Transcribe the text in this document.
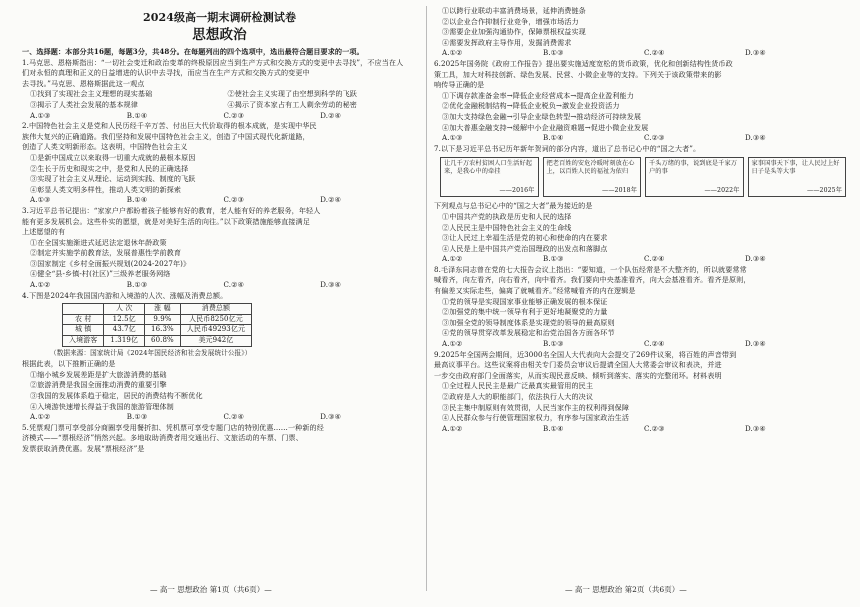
2024级高一期末调研检测试卷
思想政治

一、选择题：本部分共16题，每题3分，共48分。在每题列出的四个选项中，选出最符合题目要求的一项。

1.马克思、恩格斯指出：“一切社会变迁和政治变革的终极原因应当到生产方式和交换方式的变更中去寻找”，不应当在人

们对永恒的真理和正义的日益增进的认识中去寻找，而应当在生产方式和交换方式的变更中

去寻找。”马克思、恩格斯据此这一观点

①找到了实现社会主义理想的现实基础	②使社会主义实现了由空想到科学的飞跃

③揭示了人类社会发展的基本规律	④揭示了资本家占有工人剩余劳动的秘密

A.①③	B.①④	C.②③	D.②④

2.中国特色社会主义是党和人民历经千辛万苦、付出巨大代价取得的根本成就，是实现中华民

族伟大复兴的正确道路。我们坚持和发展中国特色社会主义，创造了中国式现代化新道路，

创造了人类文明新形态。这表明，中国特色社会主义

①是新中国成立以来取得一切重大成就的最根本原因

②生长于历史和现实之中，是党和人民的正确选择

③实现了社会主义从理论、运动到实践、制度的飞跃

④彰显人类文明多样性，推动人类文明的新探索

A.①③	B.①④	C.②③	D.②④

3.习近平总书记提出：“家家户户都盼着孩子能够有好的教育，老人能有好的养老服务，年轻人

能有更多发展机会。这些朴实的愿望，就是对美好生活的向往。”以下政策措施能够直接满足

上述愿望的有

①在全国实施渐进式延迟法定退休年龄政策

②制定并实施学前教育法，发展普惠性学前教育

③国家制定《乡村全面振兴规划(2024-2027年)》

④健全“县-乡镇-村(社区)”三级养老服务网络

A.①②	B.①③	C.②④	D.③④

4.下图是2024年我国国内游和入境游的人次、涨幅及消费总额。

	人 次	涨 幅	消费总额
农 村	12.5亿	9.9%	人民币8250亿元
城 镇	43.7亿	16.3%	人民币49293亿元
入境游客	1.319亿	60.8%	美元942亿

（数据来源：国家统计局《2024年国民经济和社会发展统计公报》）

根据此表，以下推断正确的是

①缩小城乡发展差距是扩大旅游消费的基础

②旅游消费是我国全面推动消费的重要引擎

③我国的发展体系趋于稳定，居民的消费结构不断优化

④入境游快速增长得益于我国的旅游管理体制

A.①②	B.①③	C.②④	D.③④

5.凭票观门票可享受部分商圈享受用餐折扣、凭机票可享受专题门店的特别优惠……一种新的经

济模式——“票根经济”悄然兴起。多地取助消费者用交通出行、文旅活动的车票、门票、

发票获取消费优惠。发展“票根经济”是

①以跨行业联动丰富消费场景，延伸消费链条

②以企业合作抑制行业竞争，增强市场活力

③需要企业加强沟通协作，保障票根权益实现

④需要发挥政府主导作用，发掘消费需求

A.①②	B.①③	C.②④	D.③④

6.2025年国务院《政府工作报告》提出要实施适度宽松的货币政策，优化和创新结构性货币政

策工具，加大对科技创新、绿色发展、民营、小微企业等的支持。下列关于该政策带来的影

响传导正确的是

①下调存款准备金率→降低企业经营成本→提高企业盈利能力

②优化金融税制结构→降低企业税负→激发企业投资活力

③加大支持绿色金融→引导企业绿色转型→推动经济可持续发展

④加大普惠金融支持→缓解中小企业融资难题→促进小微企业发展

A.①③	B.①④	C.②③	D.③④

7.以下是习近平总书记历年新年贺词的部分内容，道出了总书记心中的“国之大者”。

让几千万农村贫困人口生活好起来，是我心中的牵挂
——2016年
把老百姓的安危冷暖时刻放在心上，以百姓人民的福祉为依归
——2018年
千头万绪的事，说到底是千家万户的事
——2022年
家事国事天下事，让人民过上好日子是头等大事
——2025年

下列观点与总书记心中的“国之大者”最为接近的是

①中国共产党的执政是历史和人民的选择

②人民民主是中国特色社会主义的生命线

③让人民过上幸福生活是党的初心和使命的内在要求

④人民是上是中国共产党治国理政的出发点和落脚点

A.①②	B.①③	C.②④	D.③④

8.毛泽东同志曾在党的七大报告会议上指出：“要知道，一个队伍经常是不大整齐的，所以就要常常

喊看齐，向左看齐，向右看齐，向中看齐。我们要向中央基准看齐，向大会基准看齐。看齐是原则，

有偏差又实际走些，偏离了就喊看齐。”经常喊看齐的内在逻辑是

①党的领导是实现国家事业能够正确发展的根本保证

②加强党的集中统一领导有利于更好地凝聚党的力量

③加强全党的领导制度体系是实现党的领导的最高原则

④党的领导贯穿改革发展稳定和治党治国各方面各环节

A.①②	B.①③	C.②④	D.③④

9.2025年全国两会期间，近3000名全国人大代表向大会提交了269件议案，将百姓的声音带到

最高议事平台。这些议案将由相关专门委员会审议后提请全国人大常委会审议和表决，并进

一步交由政府部门全面落实，从而实现民意反映、倾听到落实、落实的完整闭环。材料表明

①全过程人民民主是最广泛最真实最管用的民主

②政府是人大的职能部门，依法执行人大的决议

③民主集中制原则有效贯彻，人民当家作主的权利得到保障

④人民群众参与行使管理国家权力，有序参与国家政治生活

A.①②	B.①④	C.②③	D.③④
— 高一 思想政治 第1页（共6页）—	— 高一 思想政治 第2页（共6页）—
